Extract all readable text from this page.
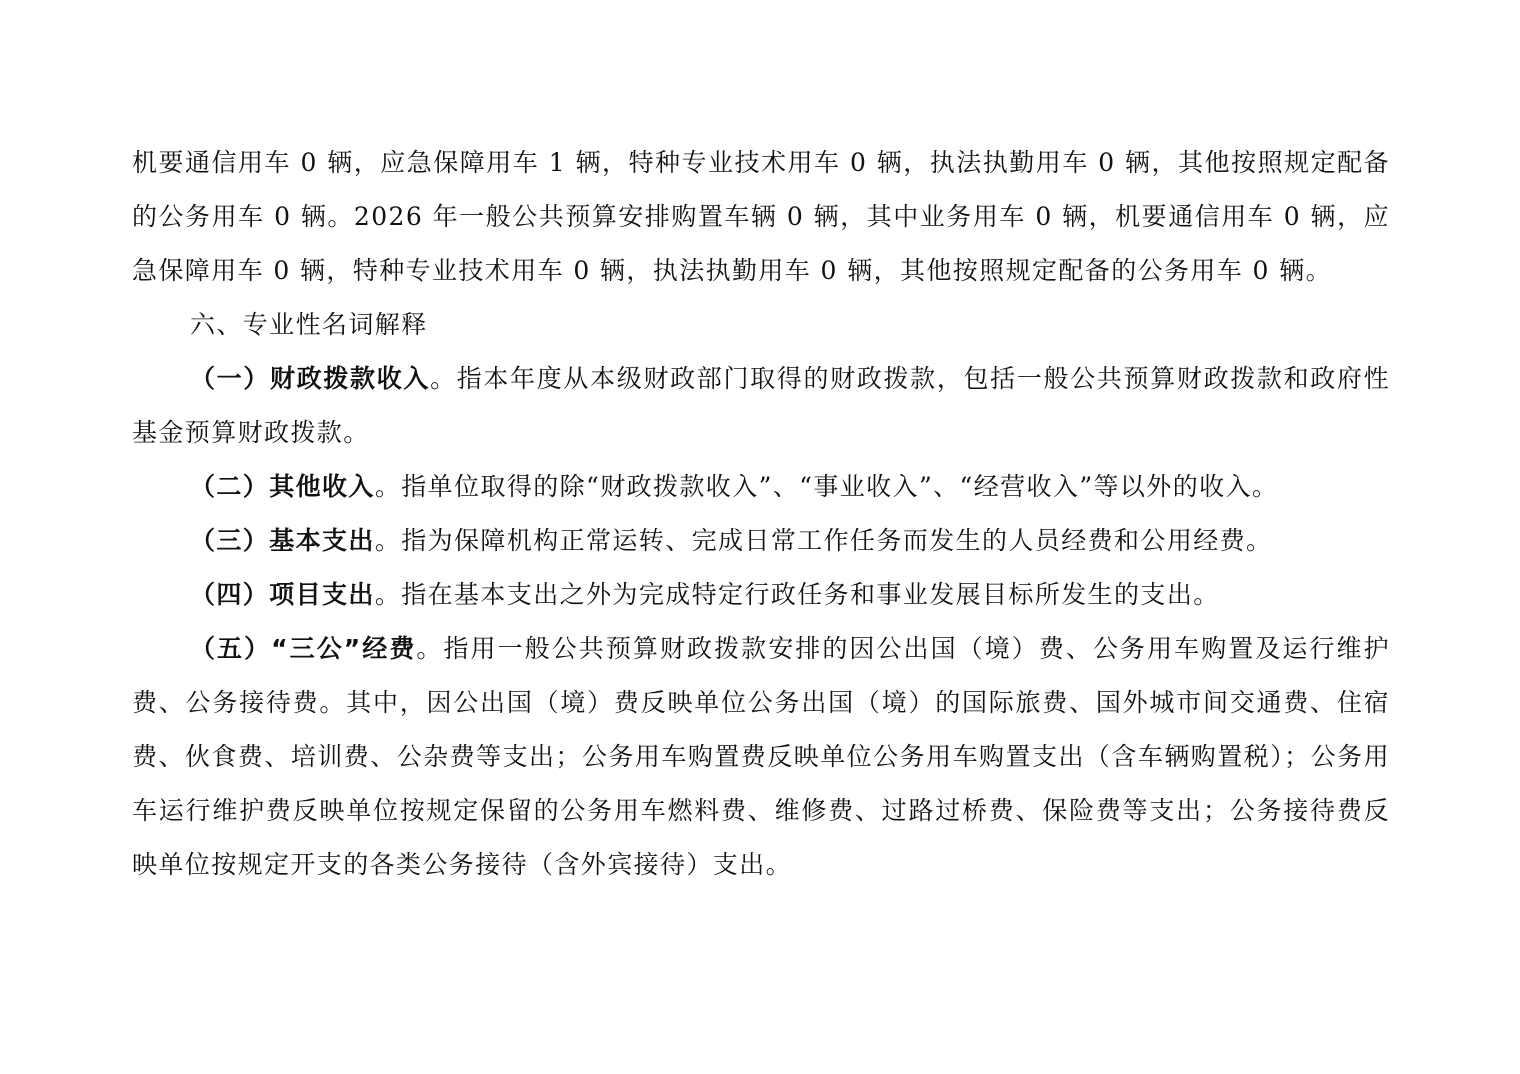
机要通信用车 0 辆，应急保障用车 1 辆，特种专业技术用车 0 辆，执法执勤用车 0 辆，其他按照规定配备的公务用车 0 辆。2026 年一般公共预算安排购置车辆 0 辆，其中业务用车 0 辆，机要通信用车 0 辆，应急保障用车 0 辆，特种专业技术用车 0 辆，执法执勤用车 0 辆，其他按照规定配备的公务用车 0 辆。

六、专业性名词解释

（一）财政拨款收入。指本年度从本级财政部门取得的财政拨款，包括一般公共预算财政拨款和政府性基金预算财政拨款。

（二）其他收入。指单位取得的除“财政拨款收入”、“事业收入”、“经营收入”等以外的收入。

（三）基本支出。指为保障机构正常运转、完成日常工作任务而发生的人员经费和公用经费。

（四）项目支出。指在基本支出之外为完成特定行政任务和事业发展目标所发生的支出。

（五）“三公”经费。指用一般公共预算财政拨款安排的因公出国（境）费、公务用车购置及运行维护费、公务接待费。其中，因公出国（境）费反映单位公务出国（境）的国际旅费、国外城市间交通费、住宿费、伙食费、培训费、公杂费等支出；公务用车购置费反映单位公务用车购置支出（含车辆购置税）；公务用车运行维护费反映单位按规定保留的公务用车燃料费、维修费、过路过桥费、保险费等支出；公务接待费反映单位按规定开支的各类公务接待（含外宾接待）支出。
